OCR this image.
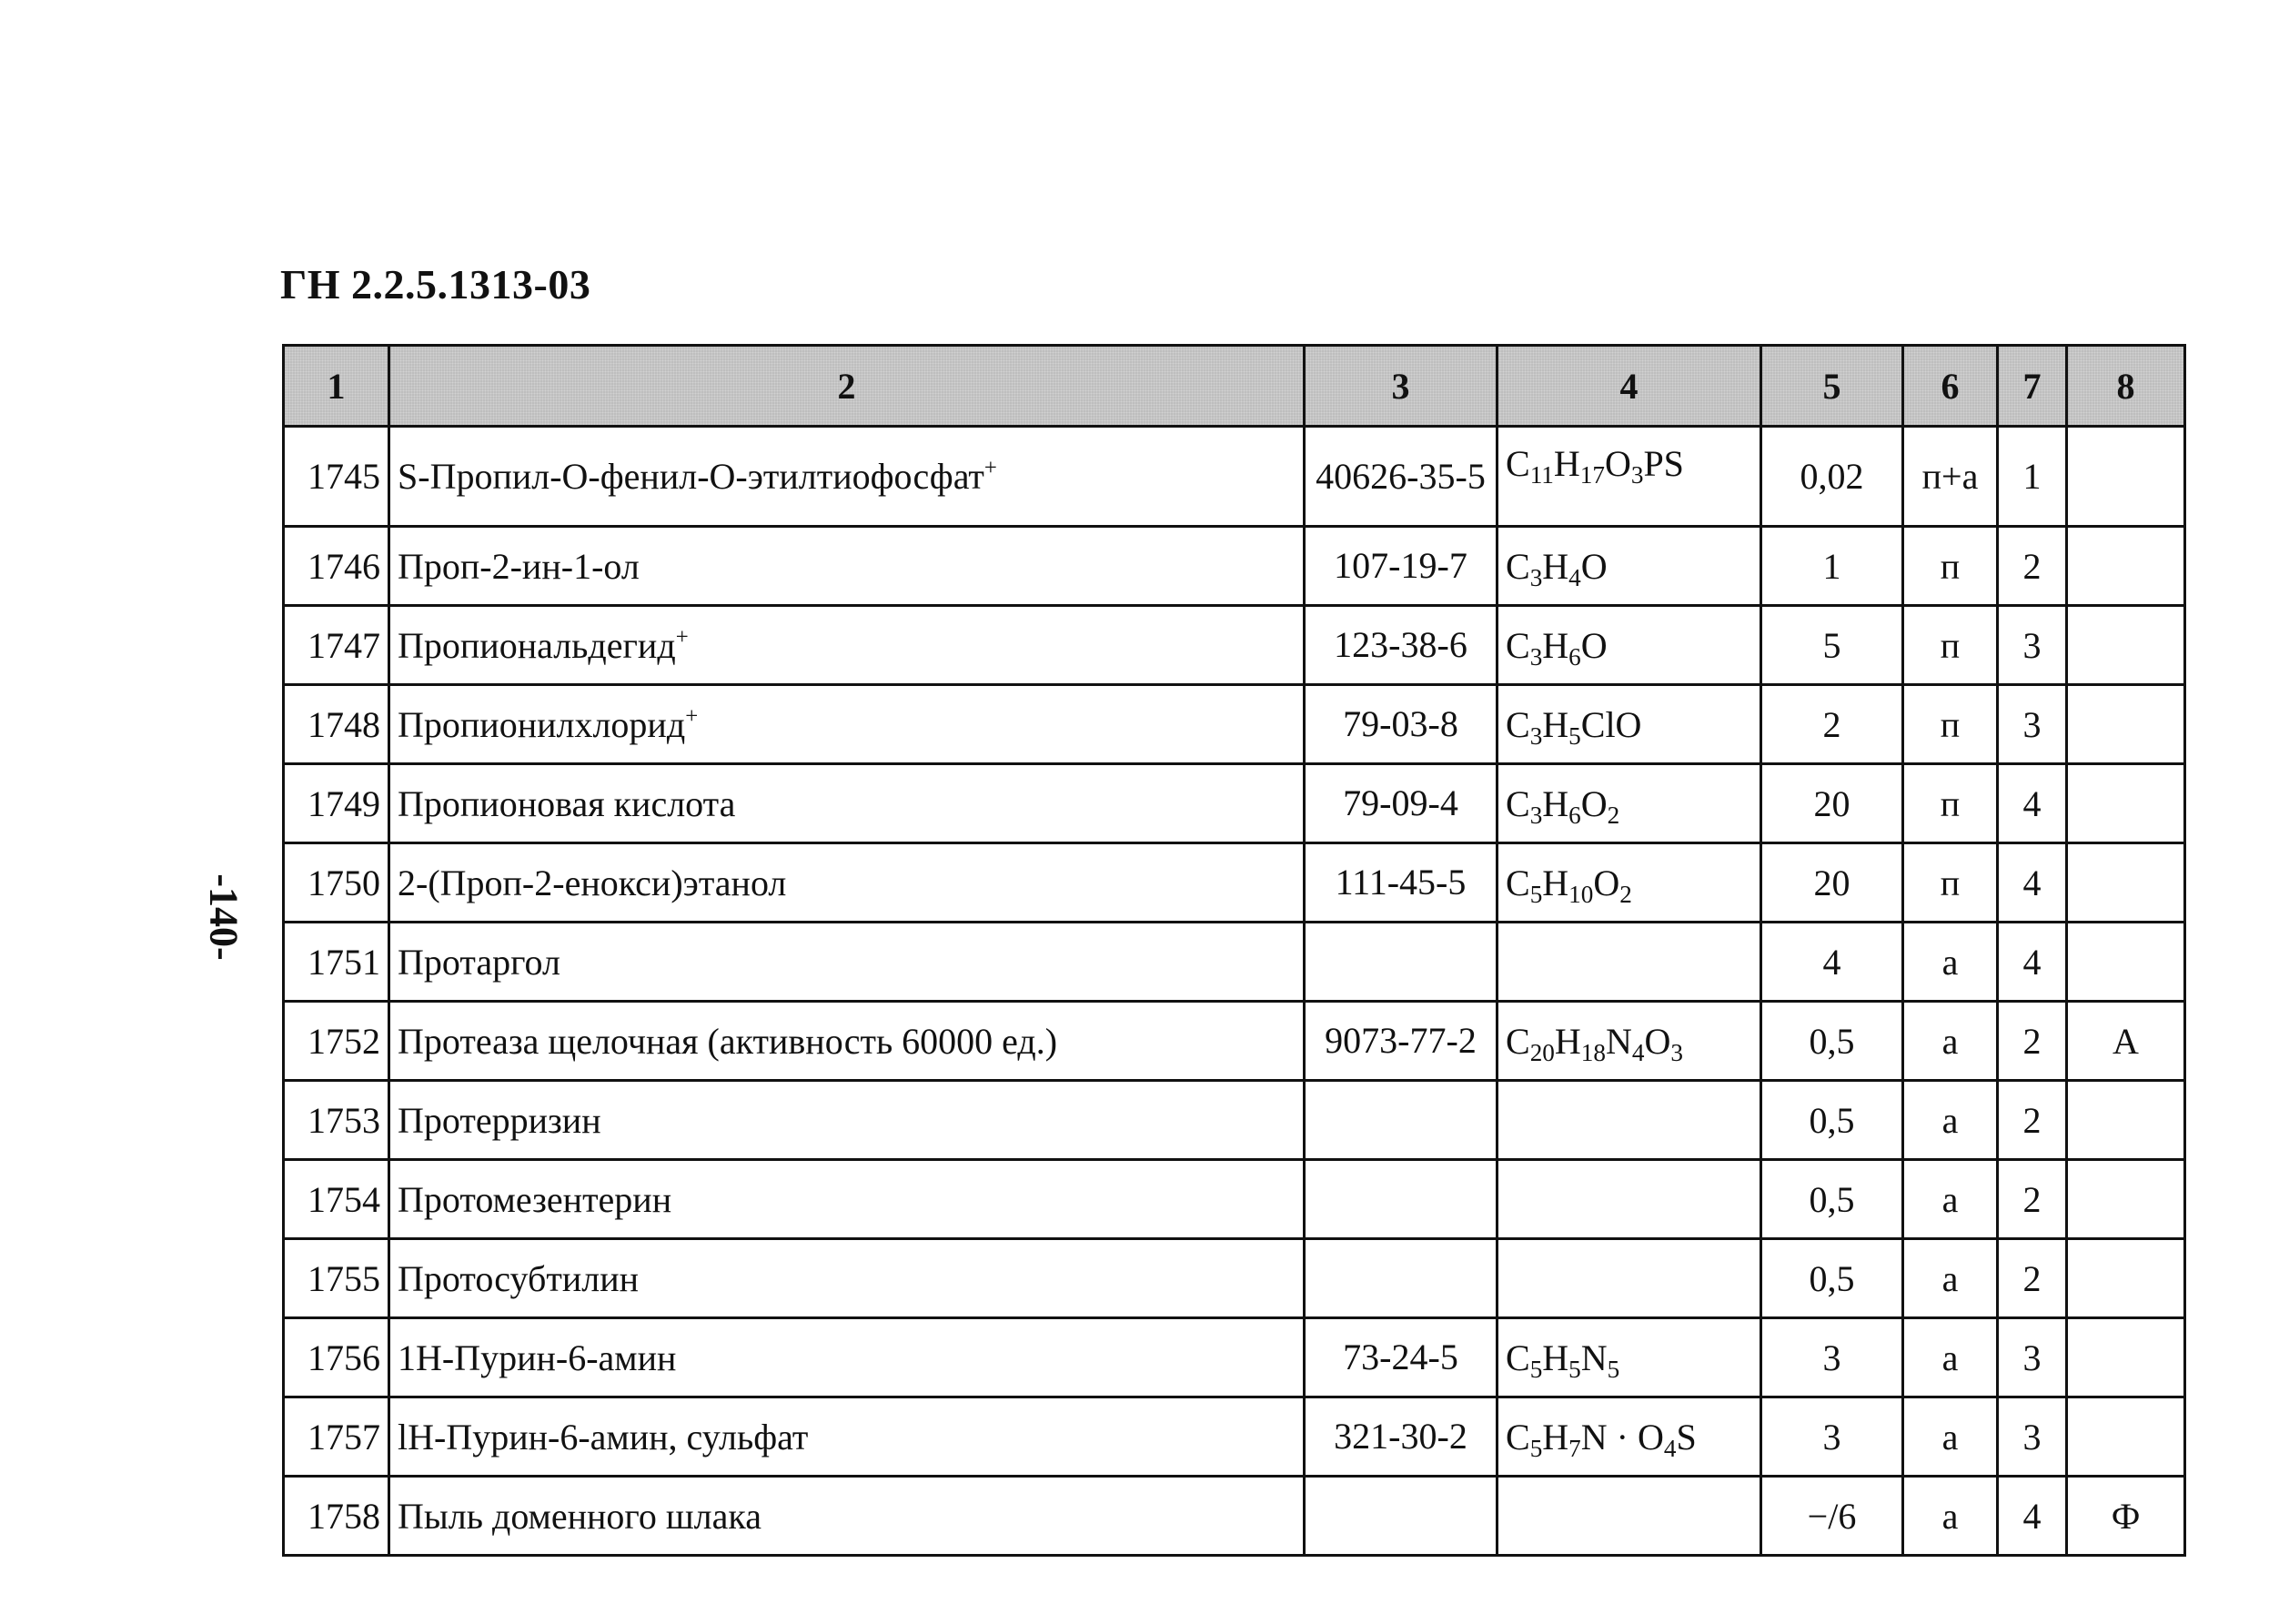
ГН 2.2.5.1313-03
-140-
1	2	3	4	5	6	7	8
1745	S-Пропил-О-фенил-О-этилтиофосфат+	40626-35-5	$C_{11}H_{17}O_3PS$	0,02	п+а	1	
1746	Проп-2-ин-1-ол	107-19-7	$C_3H_4O$	1	п	2	
1747	Пропиональдегид+	123-38-6	$C_3H_6O$	5	п	3	
1748	Пропионилхлорид+	79-03-8	$C_3H_5ClO$	2	п	3	
1749	Пропионовая кислота	79-09-4	$C_3H_6O_2$	20	п	4	
1750	2-(Проп-2-енокси)этанол	111-45-5	$C_5H_{10}O_2$	20	п	4	
1751	Протаргол			4	а	4	
1752	Протеаза щелочная (активность 60000 ед.)	9073-77-2	$C_{20}H_{18}N_4O_3$	0,5	а	2	А
1753	Протерризин			0,5	а	2	
1754	Протомезентерин			0,5	а	2	
1755	Протосубтилин			0,5	а	2	
1756	1Н-Пурин-6-амин	73-24-5	$C_5H_5N_5$	3	а	3	
1757	lН-Пурин-6-амин, сульфат	321-30-2	$C_5H_7N \cdot O_4S$	3	а	3	
1758	Пыль доменного шлака			−/6	а	4	Ф
